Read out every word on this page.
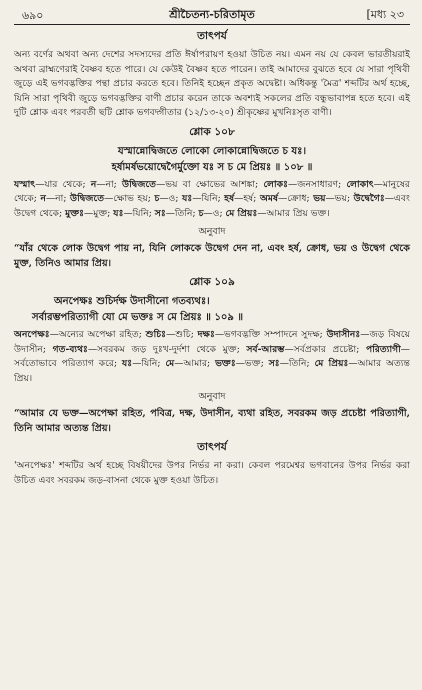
৬৯০	শ্রীচৈতন্য-চরিতামৃত	[মধ্য ২৩
তাৎপর্য

অন্য বর্ণের অথবা অন্য দেশের সদস্যদের প্রতি ঈর্ষাপরায়ণ হওয়া উচিত নয়। এমন নয় যে কেবল ভারতীয়রাই অথবা ব্রাহ্মণেরাই বৈষ্ণব হতে পারে। যে কেউই বৈষ্ণব হতে পারেন। তাই আমাদের বুঝতে হবে যে সারা পৃথিবী জুড়ে এই ভগবদ্ভক্তির পন্থা প্রচার করতে হবে। তিনিই হচ্ছেন প্রকৃত অদ্বেষ্টা। অধিকন্তু 'মৈত্র' শব্দটির অর্থ হচ্ছে, যিনি সারা পৃথিবী জুড়ে ভগবদ্ভক্তির বাণী প্রচার করেন তাকে অবশ্যই সকলের প্রতি বন্ধুভাবাপন্ন হতে হবে। এই দুটি শ্লোক এবং পরবর্তী ছটি শ্লোক ভগবদ্গীতার (১২/১৩-২০) শ্রীকৃষ্ণের মুখনিঃসৃত বাণী।

শ্লোক ১০৮

যস্মান্নোদ্বিজতে লোকো লোকান্নোদ্বিজতে চ যঃ।

হর্ষামর্ষভয়োদ্বেগৈর্মুক্তো যঃ স চ মে প্রিয়ঃ ॥ ১০৮ ॥

যস্মাৎ—যার থেকে; ন—না; উদ্বিজতে—ভয় বা ক্ষোভের আশঙ্কা; লোকঃ—জনসাধারণ; লোকাৎ—মানুষের থেকে; ন—না; উদ্বিজতে—ক্ষোভ হয়; চ—ও; যঃ—যিনি; হর্ষ—হর্ষ; অমর্ষ—ক্রোধ; ভয়—ভয়; উদ্বেগৈঃ—এবং উদ্বেগ থেকে; মুক্তঃ—মুক্ত; যঃ—যিনি; সঃ—তিনি; চ—ও; মে প্রিয়ঃ—আমার প্রিয় ভক্ত।
অনুবাদ

“যাঁর থেকে লোক উদ্বেগ পায় না, যিনি লোককে উদ্বেগ দেন না, এবং হর্ষ, ক্রোধ, ভয় ও উদ্বেগ থেকে মুক্ত, তিনিও আমার প্রিয়।

শ্লোক ১০৯

অনপেক্ষঃ শুচির্দক্ষ উদাসীনো গতব্যথঃ।

সর্বারম্ভপরিত্যাগী যো মে ভক্তঃ স মে প্রিয়ঃ ॥ ১০৯ ॥

অনপেক্ষঃ—অন্যের অপেক্ষা রহিত; শুচিঃ—শুচি; দক্ষঃ—ভগবদ্ভক্তি সম্পাদনে সুদক্ষ; উদাসীনঃ—জড় বিষয়ে উদাসীন; গত-ব্যথঃ—সবরকম জড় দুঃখ-দুর্দশা থেকে মুক্ত; সর্ব-আরম্ভ—সর্বপ্রকার প্রচেষ্টা; পরিত্যাগী—সর্বতোভাবে পরিত্যাগ করে; যঃ—যিনি; মে—আমার; ভক্তঃ—ভক্ত; সঃ—তিনি; মে প্রিয়ঃ—আমার অত্যন্ত প্রিয়।
অনুবাদ

“আমার যে ভক্ত—অপেক্ষা রহিত, পবিত্র, দক্ষ, উদাসীন, ব্যথা রহিত, সবরকম জড় প্রচেষ্টা পরিত্যাগী, তিনি আমার অত্যন্ত প্রিয়।

তাৎপর্য

'অনপেক্ষঃ' শব্দটির অর্থ হচ্ছে বিষয়ীদের উপর নির্ভর না করা। কেবল পরমেশ্বর ভগবানের উপর নির্ভর করা উচিত এবং সবরকম জড়-বাসনা থেকে মুক্ত হওয়া উচিত।
